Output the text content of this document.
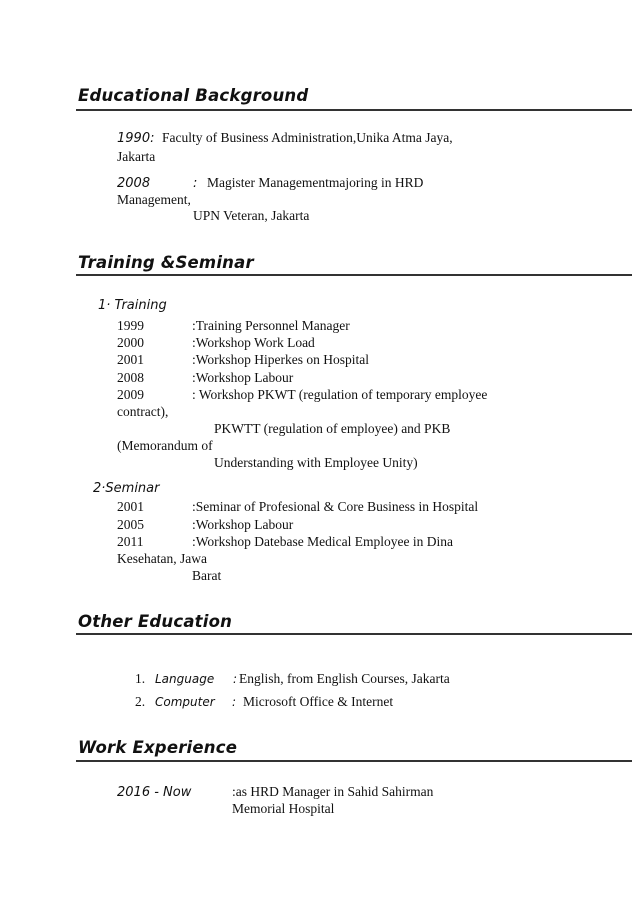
Educational Background
1990: Faculty of Business Administration,Unika Atma Jaya,
Jakarta
2008	: Magister Managementmajoring in HRD
Management,
UPN Veteran, Jakarta
Training &Seminar
1· Training
1999	:Training Personnel Manager
2000	:Workshop Work Load
2001	:Workshop Hiperkes on Hospital
2008	:Workshop Labour
2009	: Workshop PKWT (regulation of temporary employee
contract),
PKWTT (regulation of employee) and PKB
(Memorandum of
Understanding with Employee Unity)
2·Seminar
2001	:Seminar of Profesional & Core Business in Hospital
2005	:Workshop Labour
2011	:Workshop Datebase Medical Employee in Dina
Kesehatan, Jawa
Barat
Other Education
1. Language : English, from English Courses, Jakarta
2. Computer : Microsoft Office & Internet
Work Experience
2016 - Now	:as HRD Manager in Sahid Sahirman
Memorial Hospital
